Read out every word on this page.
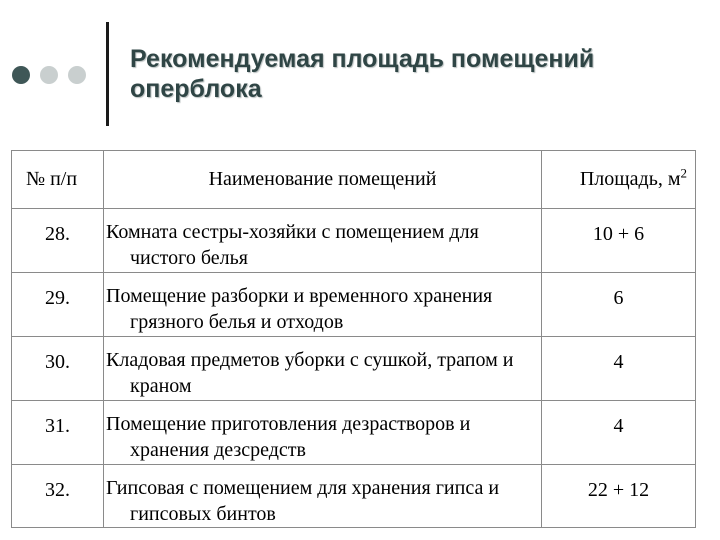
Рекомендуемая площадь помещений оперблока
№ п/п	Наименование помещений	Площадь, $м^2$
28.	Комната сестры-хозяйки с помещением для чистого белья	10 + 6
29.	Помещение разборки и временного хранения грязного белья и отходов	6
30.	Кладовая предметов уборки с сушкой, трапом и краном	4
31.	Помещение приготовления дезрастворов и хранения дезсредств	4
32.	Гипсовая с помещением для хранения гипса и гипсовых бинтов	22 + 12
